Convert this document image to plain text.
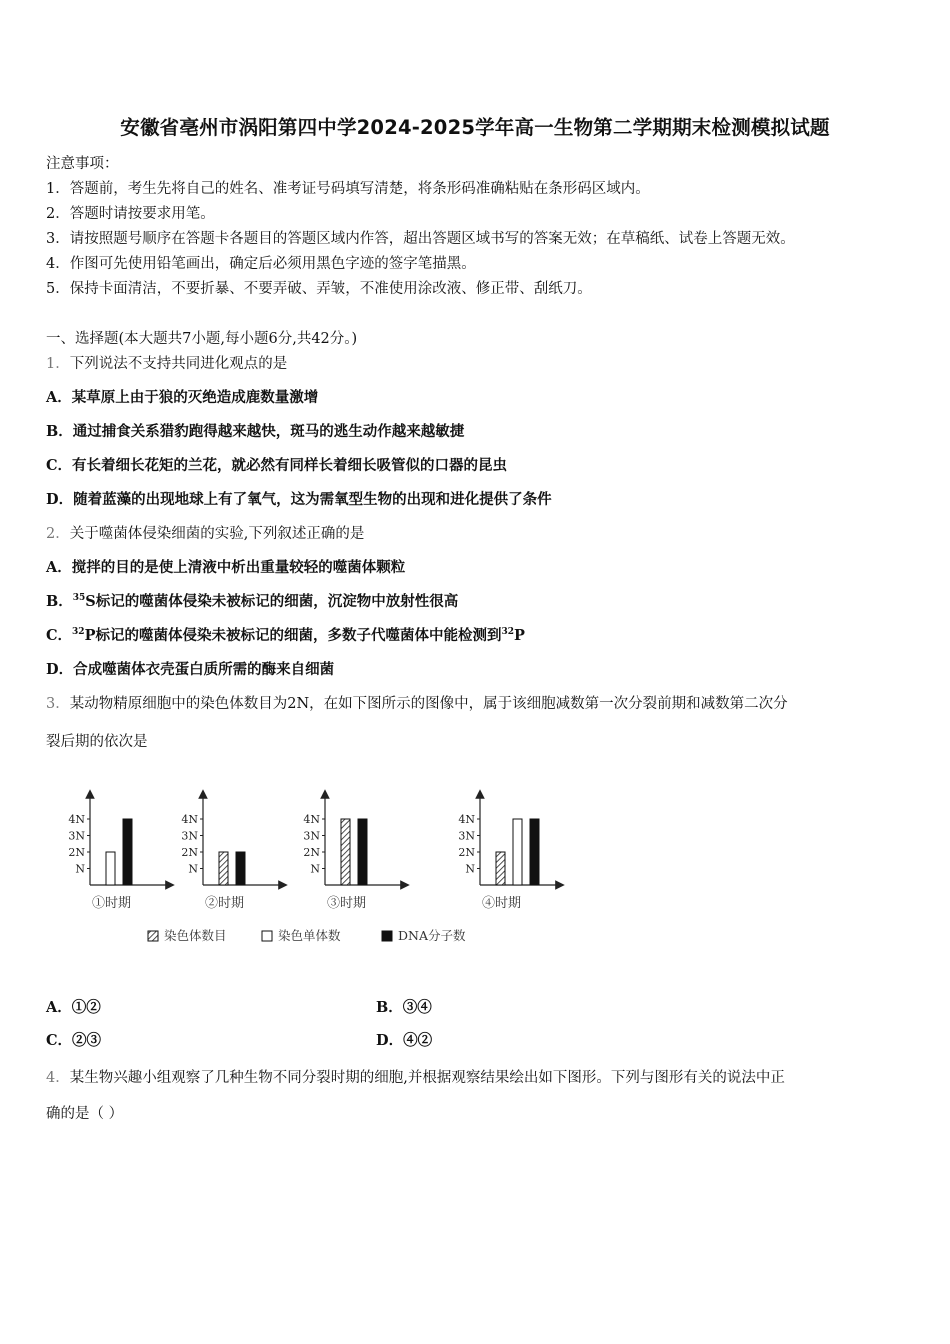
安徽省亳州市涡阳第四中学2024-2025学年高一生物第二学期期末检测模拟试题
注意事项：
1．答题前，考生先将自己的姓名、准考证号码填写清楚，将条形码准确粘贴在条形码区域内。
2．答题时请按要求用笔。
3．请按照题号顺序在答题卡各题目的答题区域内作答，超出答题区域书写的答案无效；在草稿纸、试卷上答题无效。
4．作图可先使用铅笔画出，确定后必须用黑色字迹的签字笔描黑。
5．保持卡面清洁，不要折暴、不要弄破、弄皱，不准使用涂改液、修正带、刮纸刀。
一、选择题(本大题共7小题,每小题6分,共42分。)
1．下列说法不支持共同进化观点的是
A．某草原上由于狼的灭绝造成鹿数量激增
B．通过捕食关系猎豹跑得越来越快，斑马的逃生动作越来越敏捷
C．有长着细长花矩的兰花，就必然有同样长着细长吸管似的口器的昆虫
D．随着蓝藻的出现地球上有了氧气，这为需氧型生物的出现和进化提供了条件
2．关于噬菌体侵染细菌的实验,下列叙述正确的是
A．搅拌的目的是使上清液中析出重量较轻的噬菌体颗粒
B．$^{35}$S标记的噬菌体侵染未被标记的细菌，沉淀物中放射性很高
C．$^{32}$P标记的噬菌体侵染未被标记的细菌，多数子代噬菌体中能检测到$^{32}$P
D．合成噬菌体衣壳蛋白质所需的酶来自细菌
3．某动物精原细胞中的染色体数目为2N，在如下图所示的图像中，属于该细胞减数第一次分裂前期和减数第二次分
裂后期的依次是
N
2N
3N
4N
①时期
N
2N
3N
4N
②时期
N
2N
3N
4N
③时期
N
2N
3N
4N
④时期
染色体数目	染色单体数	DNA分子数
A．①②	B．③④
C．②③	D．④②
4．某生物兴趣小组观察了几种生物不同分裂时期的细胞,并根据观察结果绘出如下图形。下列与图形有关的说法中正
确的是（ ）
